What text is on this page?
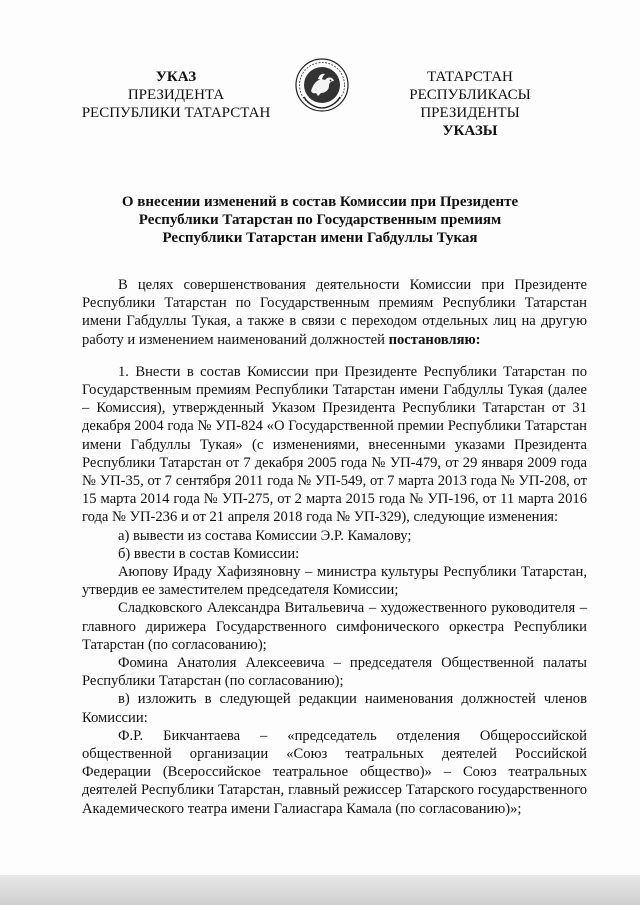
УКАЗ
ПРЕЗИДЕНТА
РЕСПУБЛИКИ ТАТАРСТАН
ТАТАРСТАН РЕСПУБЛИКАСЫ
ПРЕЗИДЕНТЫ
УКАЗЫ
О внесении изменений в состав Комиссии при Президенте
Республики Татарстан по Государственным премиям
Республики Татарстан имени Габдуллы Тукая

В целях совершенствования деятельности Комиссии при Президенте Республики Татарстан по Государственным премиям Республики Татарстан имени Габдуллы Тукая, а также в связи с переходом отдельных лиц на другую работу и изменением наименований должностей постановляю:

1. Внести в состав Комиссии при Президенте Республики Татарстан по Государственным премиям Республики Татарстан имени Габдуллы Тукая (далее – Комиссия), утвержденный Указом Президента Республики Татарстан от 31 декабря 2004 года № УП-824 «О Государственной премии Республики Татарстан имени Габдуллы Тукая» (с изменениями, внесенными указами Президента Республики Татарстан от 7 декабря 2005 года № УП-479, от 29 января 2009 года № УП-35, от 7 сентября 2011 года № УП-549, от 7 марта 2013 года № УП-208, от 15 марта 2014 года № УП-275, от 2 марта 2015 года № УП-196, от 11 марта 2016 года № УП-236 и от 21 апреля 2018 года № УП-329), следующие изменения:

а) вывести из состава Комиссии Э.Р. Камалову;

б) ввести в состав Комиссии:

Аюпову Ираду Хафизяновну – министра культуры Республики Татарстан, утвердив ее заместителем председателя Комиссии;

Сладковского Александра Витальевича – художественного руководителя – главного дирижера Государственного симфонического оркестра Республики Татарстан (по согласованию);

Фомина Анатолия Алексеевича – председателя Общественной палаты Республики Татарстан (по согласованию);

в) изложить в следующей редакции наименования должностей членов Комиссии:

Ф.Р. Бикчантаева – «председатель отделения Общероссийской общественной организации «Союз театральных деятелей Российской Федерации (Всероссийское театральное общество)» – Союз театральных деятелей Республики Татарстан, главный режиссер Татарского государственного Академического театра имени Галиасгара Камала (по согласованию)»;
